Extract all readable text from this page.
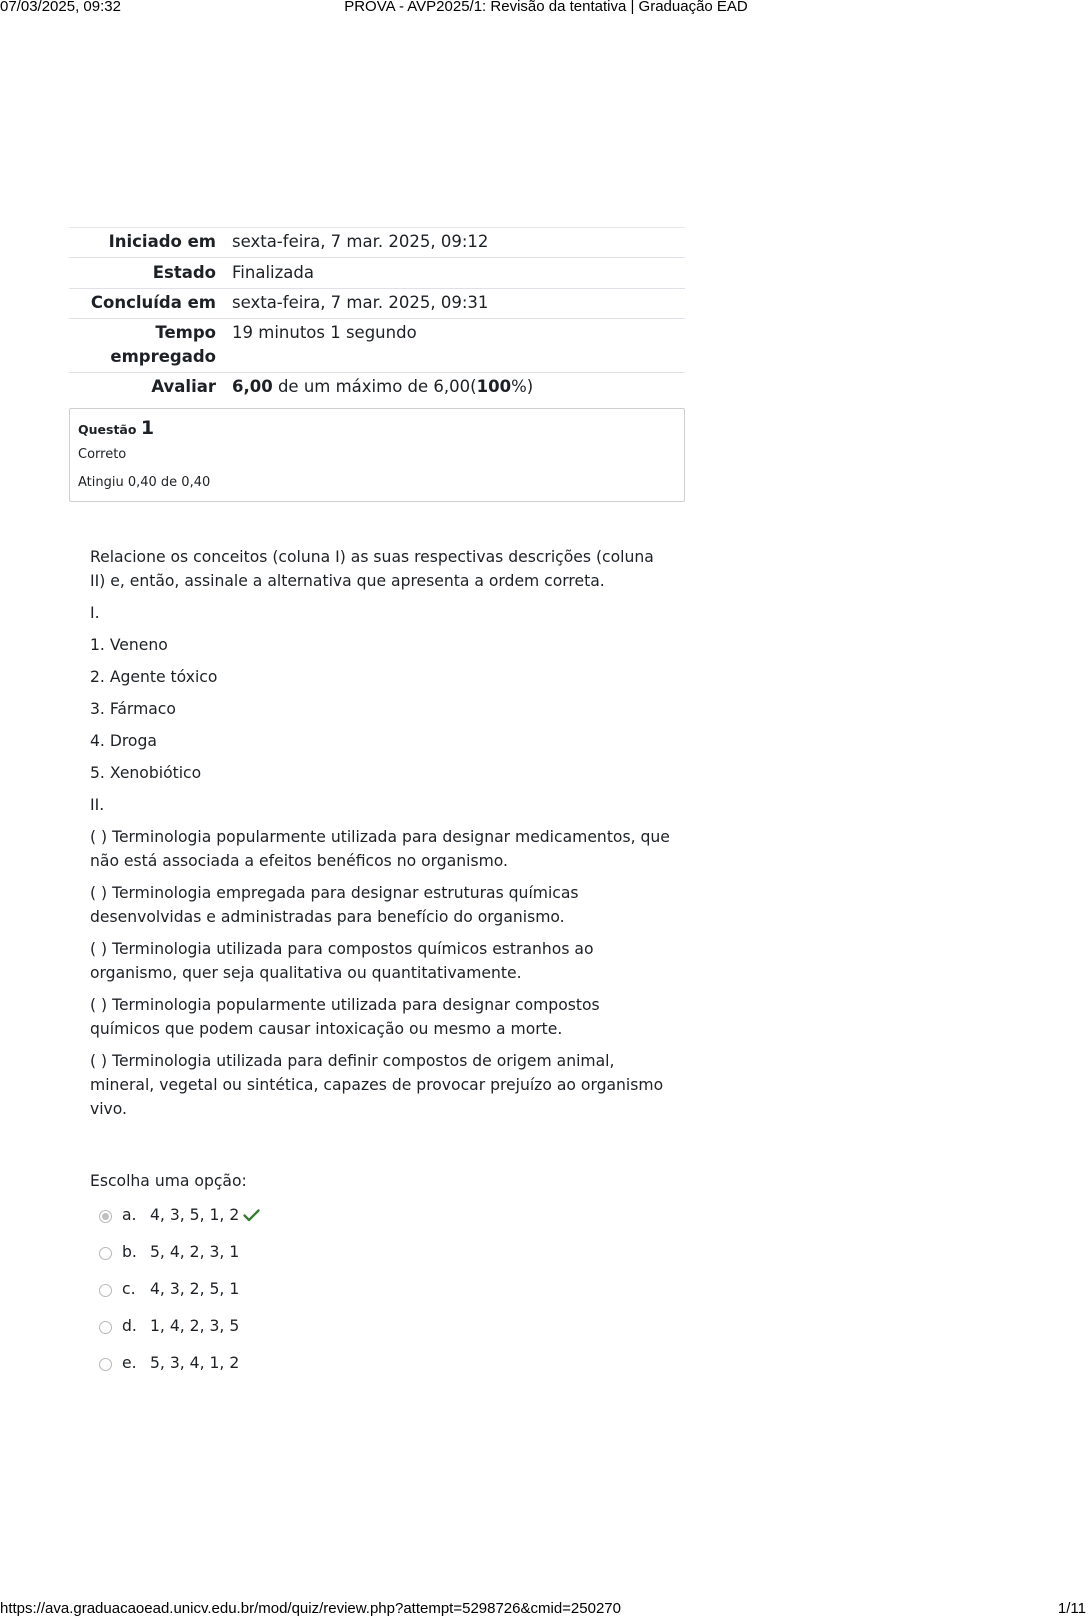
07/03/2025, 09:32	PROVA - AVP2025/1: Revisão da tentativa | Graduação EAD
Iniciado em	sexta-feira, 7 mar. 2025, 09:12
Estado	Finalizada
Concluída em	sexta-feira, 7 mar. 2025, 09:31
Tempo
empregado	19 minutos 1 segundo
Avaliar	6,00 de um máximo de 6,00(100%)
Questão 1
Correto
Atingiu 0,40 de 0,40

Relacione os conceitos (coluna I) as suas respectivas descrições (coluna II) e, então, assinale a alternativa que apresenta a ordem correta.

I.

1. Veneno

2. Agente tóxico

3. Fármaco

4. Droga

5. Xenobiótico

II.

( ) Terminologia popularmente utilizada para designar medicamentos, que não está associada a efeitos benéficos no organismo.

( ) Terminologia empregada para designar estruturas químicas desenvolvidas e administradas para benefício do organismo.

( ) Terminologia utilizada para compostos químicos estranhos ao organismo, quer seja qualitativa ou quantitativamente.

( ) Terminologia popularmente utilizada para designar compostos químicos que podem causar intoxicação ou mesmo a morte.

( ) Terminologia utilizada para definir compostos de origem animal, mineral, vegetal ou sintética, capazes de provocar prejuízo ao organismo vivo.

Escolha uma opção:
a. 4, 3, 5, 1, 2
b. 5, 4, 2, 3, 1
c. 4, 3, 2, 5, 1
d. 1, 4, 2, 3, 5
e. 5, 3, 4, 1, 2
https://ava.graduacaoead.unicv.edu.br/mod/quiz/review.php?attempt=5298726&cmid=250270	1/11
